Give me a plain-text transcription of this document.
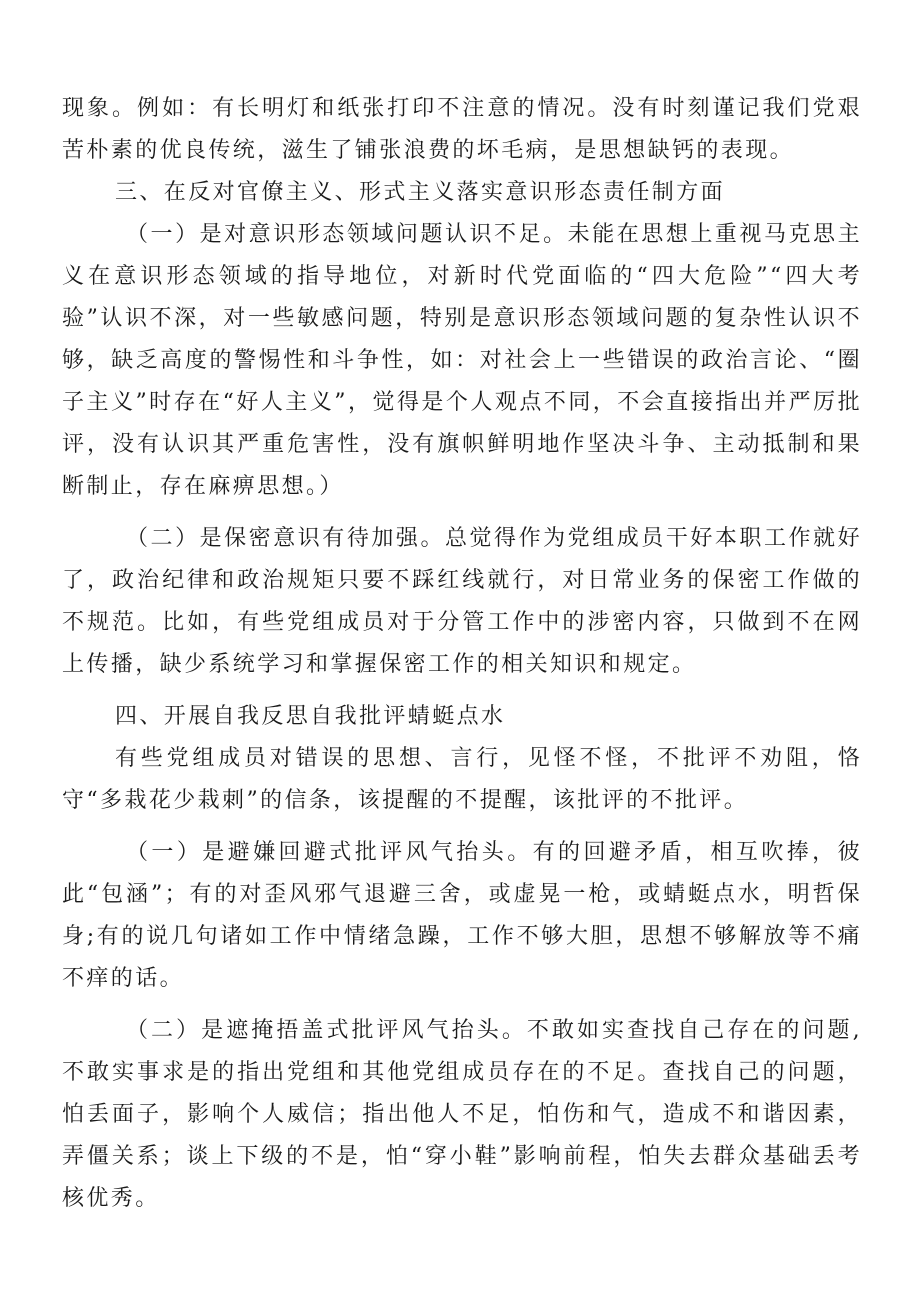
现象。例如：有长明灯和纸张打印不注意的情况。没有时刻谨记我们党艰苦朴素的优良传统，滋生了铺张浪费的坏毛病，是思想缺钙的表现。

三、在反对官僚主义、形式主义落实意识形态责任制方面

（一）是对意识形态领域问题认识不足。未能在思想上重视马克思主义在意识形态领域的指导地位，对新时代党面临的“四大危险”“四大考验”认识不深，对一些敏感问题，特别是意识形态领域问题的复杂性认识不够，缺乏高度的警惕性和斗争性，如：对社会上一些错误的政治言论、“圈子主义”时存在“好人主义”，觉得是个人观点不同，不会直接指出并严厉批评，没有认识其严重危害性，没有旗帜鲜明地作坚决斗争、主动抵制和果断制止，存在麻痹思想。）

（二）是保密意识有待加强。总觉得作为党组成员干好本职工作就好了，政治纪律和政治规矩只要不踩红线就行，对日常业务的保密工作做的不规范。比如，有些党组成员对于分管工作中的涉密内容，只做到不在网上传播，缺少系统学习和掌握保密工作的相关知识和规定。

四、开展自我反思自我批评蜻蜓点水

有些党组成员对错误的思想、言行，见怪不怪，不批评不劝阻，恪守“多栽花少栽刺”的信条，该提醒的不提醒，该批评的不批评。

（一）是避嫌回避式批评风气抬头。有的回避矛盾，相互吹捧，彼此“包涵”；有的对歪风邪气退避三舍，或虚晃一枪，或蜻蜓点水，明哲保身;有的说几句诸如工作中情绪急躁，工作不够大胆，思想不够解放等不痛不痒的话。

（二）是遮掩捂盖式批评风气抬头。不敢如实查找自己存在的问题,不敢实事求是的指出党组和其他党组成员存在的不足。查找自己的问题，怕丢面子，影响个人威信；指出他人不足，怕伤和气，造成不和谐因素，弄僵关系；谈上下级的不是，怕“穿小鞋”影响前程，怕失去群众基础丢考核优秀。
